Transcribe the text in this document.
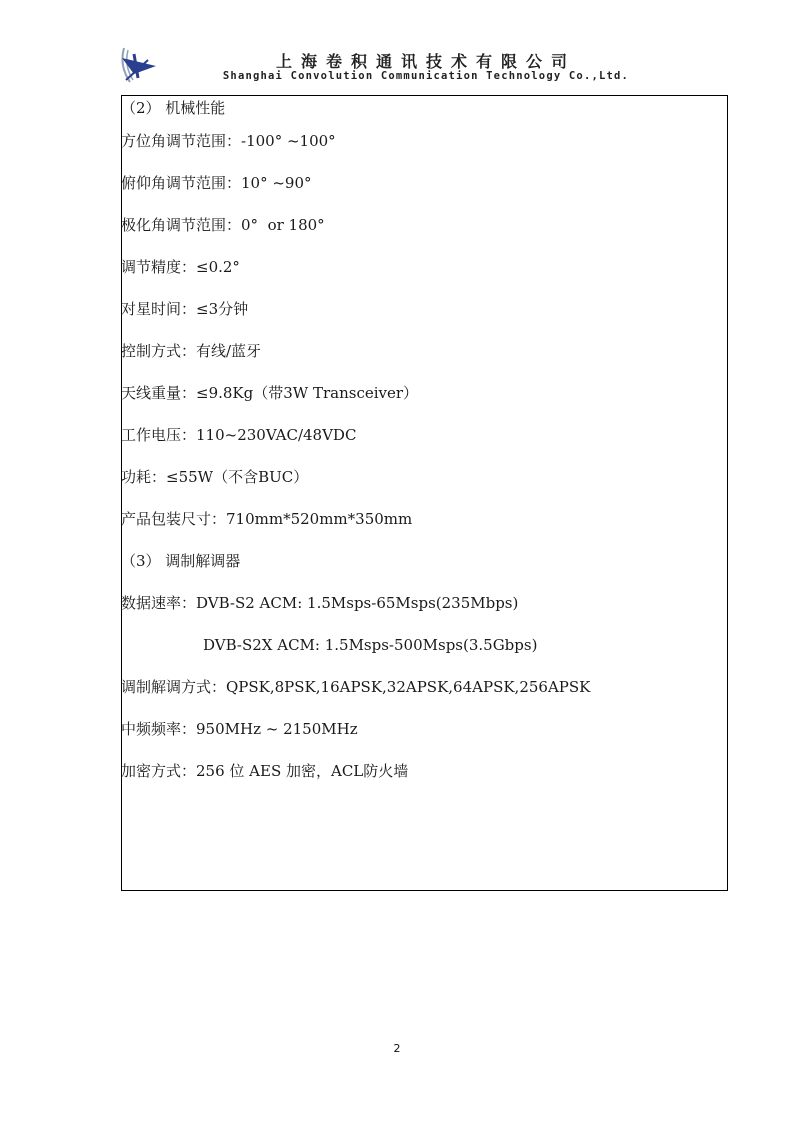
上海卷积通讯技术有限公司
Shanghai Convolution Communication Technology Co.,Ltd.
（2） 机械性能
方位角调节范围：-100° ~100°
俯仰角调节范围：10° ~90°
极化角调节范围：0°  or 180°
调节精度：≤0.2°
对星时间：≤3分钟
控制方式：有线/蓝牙
天线重量：≤9.8Kg（带3W Transceiver）
工作电压：110~230VAC/48VDC
功耗：≤55W（不含BUC）
产品包装尺寸：710mm*520mm*350mm
（3） 调制解调器
数据速率：DVB-S2 ACM: 1.5Msps-65Msps(235Mbps)
DVB-S2X ACM: 1.5Msps-500Msps(3.5Gbps)
调制解调方式：QPSK,8PSK,16APSK,32APSK,64APSK,256APSK
中频频率：950MHz ~ 2150MHz
加密方式：256 位 AES 加密，ACL防火墙
2
